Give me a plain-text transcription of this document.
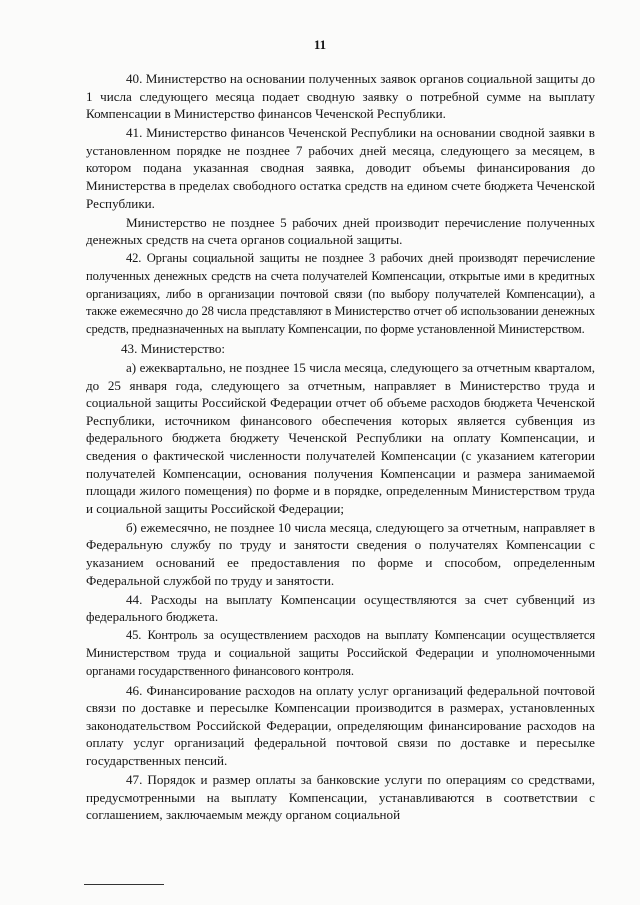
11

40. Министерство на основании полученных заявок органов социальной защиты до 1 числа следующего месяца подает сводную заявку о потребной сумме на выплату Компенсации в Министерство финансов Чеченской Республики.

41. Министерство финансов Чеченской Республики на основании сводной заявки в установленном порядке не позднее 7 рабочих дней месяца, следующего за месяцем, в котором подана указанная сводная заявка, доводит объемы финансирования до Министерства в пределах свободного остатка средств на едином счете бюджета Чеченской Республики.

Министерство не позднее 5 рабочих дней производит перечисление полученных денежных средств на счета органов социальной защиты.

42. Органы социальной защиты не позднее 3 рабочих дней производят перечисление полученных денежных средств на счета получателей Компенсации, открытые ими в кредитных организациях, либо в организации почтовой связи (по выбору получателей Компенсации), а также ежемесячно до 28 числа представляют в Министерство отчет об использовании денежных средств, предназначенных на выплату Компенсации, по форме установленной Министерством.

43. Министерство:

а) ежеквартально, не позднее 15 числа месяца, следующего за отчетным кварталом, до 25 января года, следующего за отчетным, направляет в Министерство труда и социальной защиты Российской Федерации отчет об объеме расходов бюджета Чеченской Республики, источником финансового обеспечения которых является субвенция из федерального бюджета бюджету Чеченской Республики на оплату Компенсации, и сведения о фактической численности получателей Компенсации (с указанием категории получателей Компенсации, основания получения Компенсации и размера занимаемой площади жилого помещения) по форме и в порядке, определенным Министерством труда и социальной защиты Российской Федерации;

б) ежемесячно, не позднее 10 числа месяца, следующего за отчетным, направляет в Федеральную службу по труду и занятости сведения о получателях Компенсации с указанием оснований ее предоставления по форме и способом, определенным Федеральной службой по труду и занятости.

44. Расходы на выплату Компенсации осуществляются за счет субвенций из федерального бюджета.

45. Контроль за осуществлением расходов на выплату Компенсации осуществляется Министерством труда и социальной защиты Российской Федерации и уполномоченными органами государственного финансового контроля.

46. Финансирование расходов на оплату услуг организаций федеральной почтовой связи по доставке и пересылке Компенсации производится в размерах, установленных законодательством Российской Федерации, определяющим финансирование расходов на оплату услуг организаций федеральной почтовой связи по доставке и пересылке государственных пенсий.

47. Порядок и размер оплаты за банковские услуги по операциям со средствами, предусмотренными на выплату Компенсации, устанавливаются в соответствии с соглашением, заключаемым между органом социальной
